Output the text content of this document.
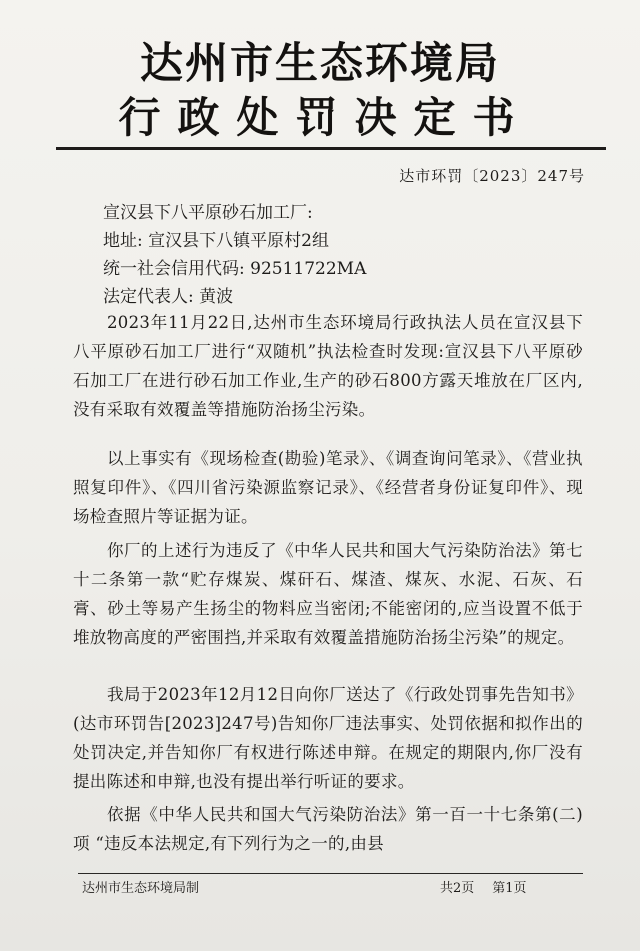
达州市生态环境局
行政处罚决定书
达市环罚〔2023〕247号
宣汉县下八平原砂石加工厂:
地址: 宣汉县下八镇平原村2组
统一社会信用代码: 92511722MA
法定代表人: 黄波

2023年11月22日,达州市生态环境局行政执法人员在宣汉县下八平原砂石加工厂进行“双随机”执法检查时发现:宣汉县下八平原砂石加工厂在进行砂石加工作业,生产的砂石800方露天堆放在厂区内,没有采取有效覆盖等措施防治扬尘污染。

以上事实有《现场检查(勘验)笔录》、《调查询问笔录》、《营业执照复印件》、《四川省污染源监察记录》、《经营者身份证复印件》、现场检查照片等证据为证。

你厂的上述行为违反了《中华人民共和国大气污染防治法》第七十二条第一款“贮存煤炭、煤矸石、煤渣、煤灰、水泥、石灰、石膏、砂土等易产生扬尘的物料应当密闭;不能密闭的,应当设置不低于堆放物高度的严密围挡,并采取有效覆盖措施防治扬尘污染”的规定。

我局于2023年12月12日向你厂送达了《行政处罚事先告知书》(达市环罚告[2023]247号)告知你厂违法事实、处罚依据和拟作出的处罚决定,并告知你厂有权进行陈述申辩。在规定的期限内,你厂没有提出陈述和申辩,也没有提出举行听证的要求。

依据《中华人民共和国大气污染防治法》第一百一十七条第(二)项 “违反本法规定,有下列行为之一的,由县

达州市生态环境局制	共2页 第1页
